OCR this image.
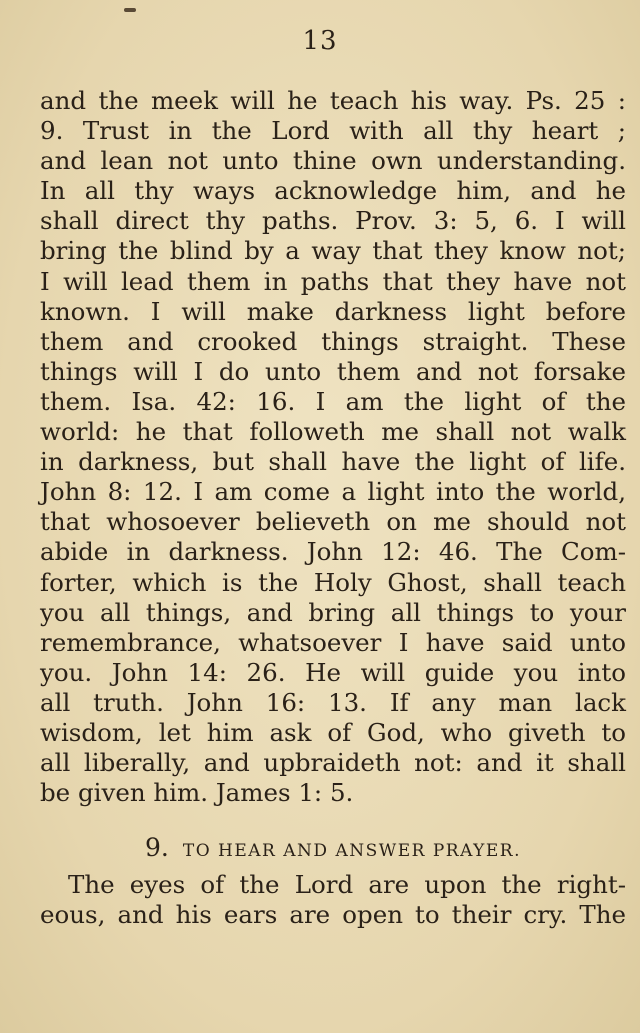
13
and the meek will he teach his way. Ps. 25 :
9. Trust in the Lord with all thy heart ;
and lean not unto thine own understanding.
In all thy ways acknowledge him, and he
shall direct thy paths. Prov. 3: 5, 6. I will
bring the blind by a way that they know not;
I will lead them in paths that they have not
known. I will make darkness light before
them and crooked things straight. These
things will I do unto them and not forsake
them. Isa. 42: 16. I am the light of the
world: he that followeth me shall not walk
in darkness, but shall have the light of life.
John 8: 12. I am come a light into the world,
that whosoever believeth on me should not
abide in darkness. John 12: 46. The Com-
forter, which is the Holy Ghost, shall teach
you all things, and bring all things to your
remembrance, whatsoever I have said unto
you. John 14: 26. He will guide you into
all truth. John 16: 13. If any man lack
wisdom, let him ask of God, who giveth to
all liberally, and upbraideth not: and it shall
be given him. James 1: 5.
9. TO HEAR AND ANSWER PRAYER.
The eyes of the Lord are upon the right-
eous, and his ears are open to their cry. The
